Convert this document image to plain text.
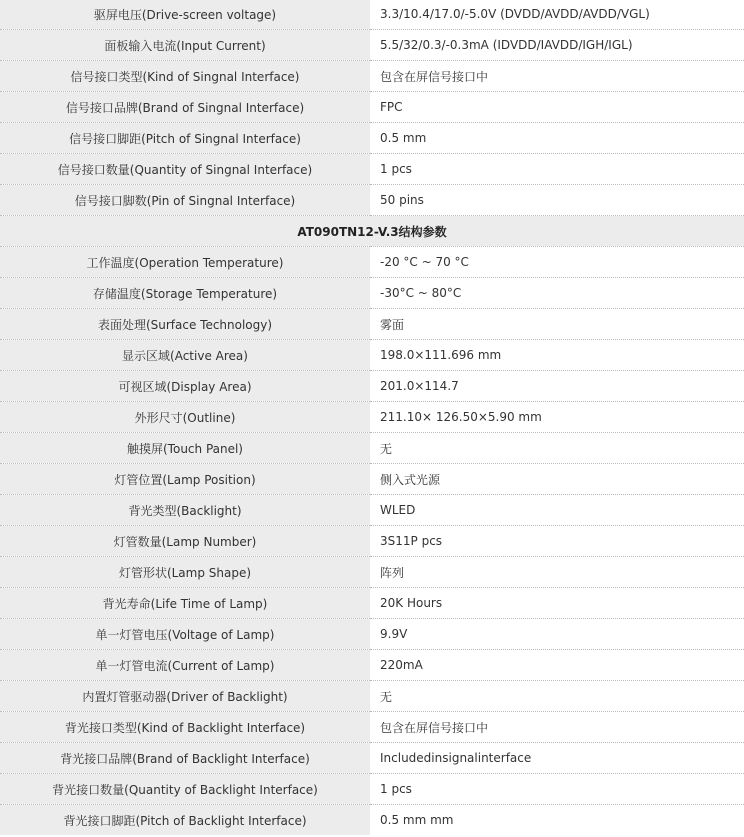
驱屏电压(Drive-screen voltage)	3.3/10.4/17.0/-5.0V (DVDD/AVDD/AVDD/VGL)
面板输入电流(Input Current)	5.5/32/0.3/-0.3mA (IDVDD/IAVDD/IGH/IGL)
信号接口类型(Kind of Singnal Interface)	包含在屏信号接口中
信号接口品牌(Brand of Singnal Interface)	FPC
信号接口脚距(Pitch of Singnal Interface)	0.5 mm
信号接口数量(Quantity of Singnal Interface)	1 pcs
信号接口脚数(Pin of Singnal Interface)	50 pins
AT090TN12-V.3结构参数	
工作温度(Operation Temperature)	-20 °C ~ 70 °C
存储温度(Storage Temperature)	-30°C ~ 80°C
表面处理(Surface Technology)	雾面
显示区域(Active Area)	198.0×111.696 mm
可视区域(Display Area)	201.0×114.7
外形尺寸(Outline)	211.10× 126.50×5.90 mm
触摸屏(Touch Panel)	无
灯管位置(Lamp Position)	侧入式光源
背光类型(Backlight)	WLED
灯管数量(Lamp Number)	3S11P pcs
灯管形状(Lamp Shape)	阵列
背光寿命(Life Time of Lamp)	20K Hours
单一灯管电压(Voltage of Lamp)	9.9V
单一灯管电流(Current of Lamp)	220mA
内置灯管驱动器(Driver of Backlight)	无
背光接口类型(Kind of Backlight Interface)	包含在屏信号接口中
背光接口品牌(Brand of Backlight Interface)	Includedinsignalinterface
背光接口数量(Quantity of Backlight Interface)	1 pcs
背光接口脚距(Pitch of Backlight Interface)	0.5 mm mm
